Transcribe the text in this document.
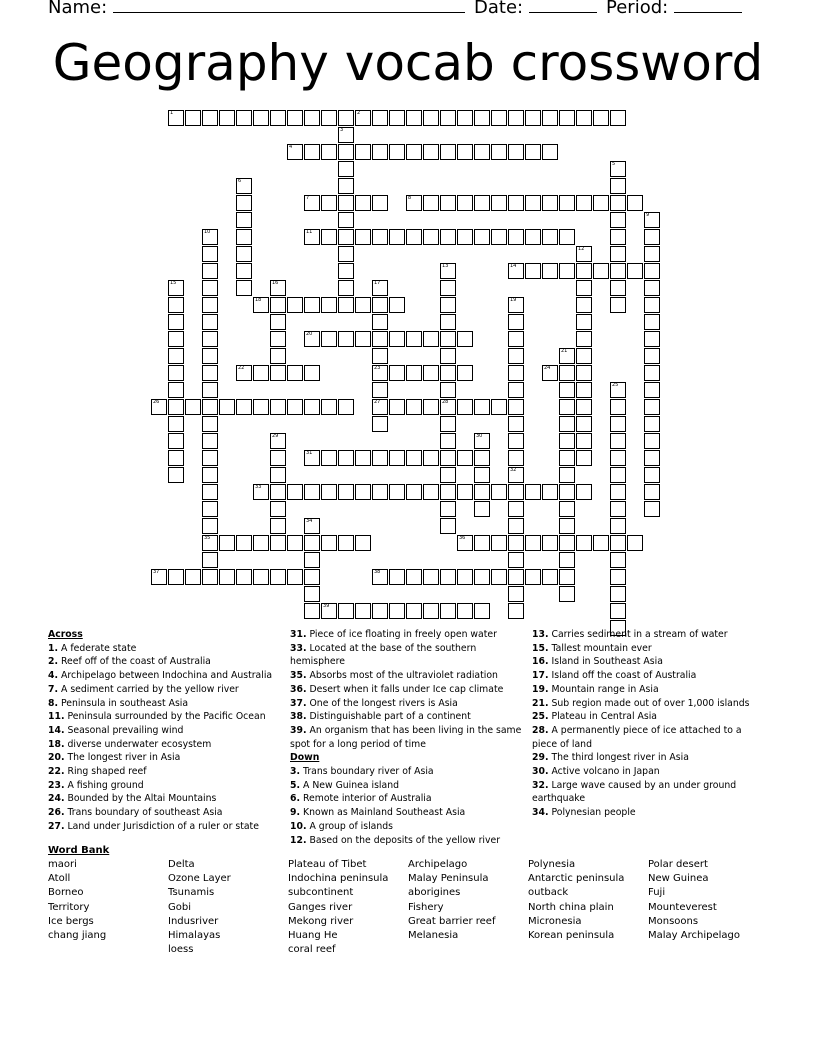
Name:	Date:	Period:
Geography vocab crossword
1	2
3
4
5
6
7	8
9
10
35
11
12
13
28
14
15	16	17
23
27
18	19
20
21
22	24
25
26
29	30
31
32
33
34
36
37	38
39
Across
1. A federate state
2. Reef off of the coast of Australia
4. Archipelago between Indochina and Australia
7. A sediment carried by the yellow river
8. Peninsula in southeast Asia
11. Peninsula surrounded by the Pacific Ocean
14. Seasonal prevailing wind
18. diverse underwater ecosystem
20. The longest river in Asia
22. Ring shaped reef
23. A fishing ground
24. Bounded by the Altai Mountains
26. Trans boundary of southeast Asia
27. Land under Jurisdiction of a ruler or state
31. Piece of ice floating in freely open water
33. Located at the base of the southern hemisphere
35. Absorbs most of the ultraviolet radiation
36. Desert when it falls under Ice cap climate
37. One of the longest rivers is Asia
38. Distinguishable part of a continent
39. An organism that has been living in the same spot for a long period of time
Down
3. Trans boundary river of Asia
5. A New Guinea island
6. Remote interior of Australia
9. Known as Mainland Southeast Asia
10. A group of islands
12. Based on the deposits of the yellow river
13. Carries sediment in a stream of water
15. Tallest mountain ever
16. Island in Southeast Asia
17. Island off the coast of Australia
19. Mountain range in Asia
21. Sub region made out of over 1,000 islands
25. Plateau in Central Asia
28. A permanently piece of ice attached to a piece of land
29. The third longest river in Asia
30. Active volcano in Japan
32. Large wave caused by an under ground earthquake
34. Polynesian people
Word Bank
maori
Atoll
Borneo
Territory
Ice bergs
chang jiang
Delta
Ozone Layer
Tsunamis
Gobi
Indusriver
Himalayas
loess
Plateau of Tibet
Indochina peninsula
subcontinent
Ganges river
Mekong river
Huang He
coral reef
Archipelago
Malay Peninsula
aborigines
Fishery
Great barrier reef
Melanesia
Polynesia
Antarctic peninsula
outback
North china plain
Micronesia
Korean peninsula
Polar desert
New Guinea
Fuji
Mounteverest
Monsoons
Malay Archipelago
